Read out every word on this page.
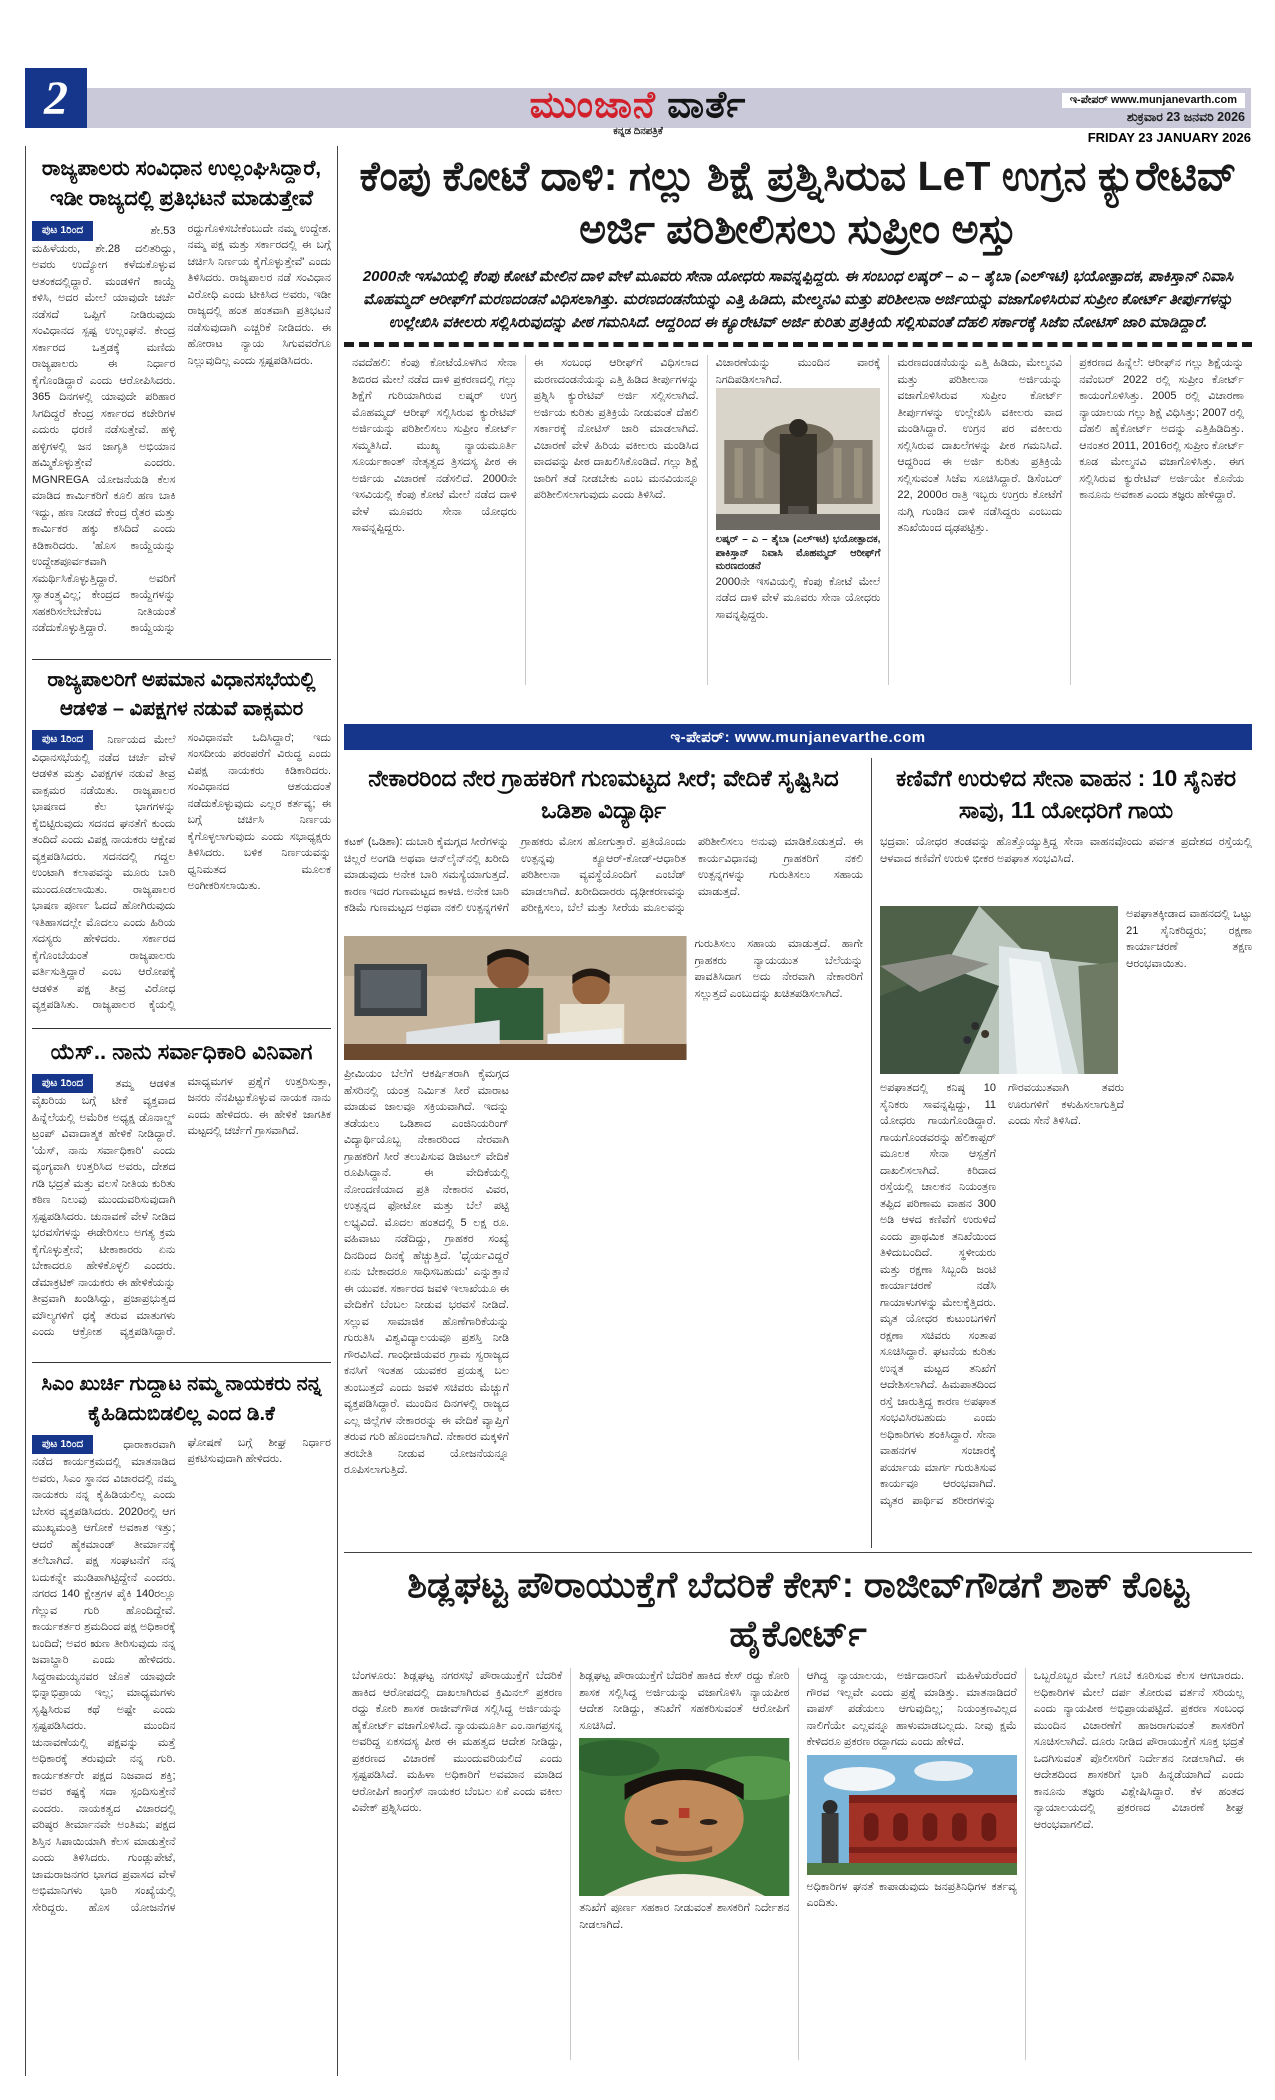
2	ಮುಂಜಾನೆ ವಾರ್ತೆ
ಕನ್ನಡ ದಿನಪತ್ರಿಕೆ
ಇ-ಪೇಪರ್ www.munjanevarth.com
ಶುಕ್ರವಾರ 23 ಜನವರಿ 2026
FRIDAY 23 JANUARY 2026
ರಾಜ್ಯಪಾಲರು ಸಂವಿಧಾನ ಉಲ್ಲಂಘಿಸಿದ್ದಾರೆ, ಇಡೀ ರಾಜ್ಯದಲ್ಲಿ ಪ್ರತಿಭಟನೆ ಮಾಡುತ್ತೇವೆ
ಪುಟ 1ರಿಂದ	ಶೇ.53 ಮಹಿಳೆಯರು, ಶೇ.28 ದಲಿತರಿದ್ದು, ಅವರು ಉದ್ಯೋಗ ಕಳೆದುಕೊಳ್ಳುವ ಆತಂಕದಲ್ಲಿದ್ದಾರೆ. ಮಂಡಳಿಗೆ ಕಾಯ್ದೆ ಕಳಿಸಿ, ಅದರ ಮೇಲೆ ಯಾವುದೇ ಚರ್ಚೆ ನಡೆಸದೆ ಒಪ್ಪಿಗೆ ನೀಡಿರುವುದು ಸಂವಿಧಾನದ ಸ್ಪಷ್ಟ ಉಲ್ಲಂಘನೆ. ಕೇಂದ್ರ ಸರ್ಕಾರದ ಒತ್ತಡಕ್ಕೆ ಮಣಿದು ರಾಜ್ಯಪಾಲರು ಈ ನಿರ್ಧಾರ ಕೈಗೊಂಡಿದ್ದಾರೆ ಎಂದು ಆರೋಪಿಸಿದರು. 365 ದಿನಗಳಲ್ಲಿ ಯಾವುದೇ ಪರಿಹಾರ ಸಿಗದಿದ್ದರೆ ಕೇಂದ್ರ ಸರ್ಕಾರದ ಕಚೇರಿಗಳ ಎದುರು ಧರಣಿ ನಡೆಸುತ್ತೇವೆ. ಹಳ್ಳಿ ಹಳ್ಳಿಗಳಲ್ಲಿ ಜನ ಜಾಗೃತಿ ಅಭಿಯಾನ ಹಮ್ಮಿಕೊಳ್ಳುತ್ತೇವೆ ಎಂದರು. MGNREGA ಯೋಜನೆಯಡಿ ಕೆಲಸ ಮಾಡಿದ ಕಾರ್ಮಿಕರಿಗೆ ಕೂಲಿ ಹಣ ಬಾಕಿ ಇದ್ದು, ಹಣ ನೀಡದೆ ಕೇಂದ್ರ ರೈತರ ಮತ್ತು ಕಾರ್ಮಿಕರ ಹಕ್ಕು ಕಸಿದಿದೆ ಎಂದು ಕಿಡಿಕಾರಿದರು. 'ಹೊಸ ಕಾಯ್ದೆಯನ್ನು ಉದ್ದೇಶಪೂರ್ವಕವಾಗಿ ಸಮರ್ಥಿಸಿಕೊಳ್ಳುತ್ತಿದ್ದಾರೆ. ಅವರಿಗೆ ಸ್ವಾತಂತ್ರ್ಯವಿಲ್ಲ; ಕೇಂದ್ರದ ಕಾಯ್ದೆಗಳನ್ನು ಸಹಕರಿಸಲೇಬೇಕೆಂಬ ನೀತಿಯಂತೆ ನಡೆದುಕೊಳ್ಳುತ್ತಿದ್ದಾರೆ. ಕಾಯ್ದೆಯನ್ನು ರದ್ದುಗೊಳಿಸಬೇಕೆಂಬುದೇ ನಮ್ಮ ಉದ್ದೇಶ. ನಮ್ಮ ಪಕ್ಷ ಮತ್ತು ಸರ್ಕಾರದಲ್ಲಿ ಈ ಬಗ್ಗೆ ಚರ್ಚಿಸಿ ನಿರ್ಣಯ ಕೈಗೊಳ್ಳುತ್ತೇವೆ' ಎಂದು ತಿಳಿಸಿದರು. ರಾಜ್ಯಪಾಲರ ನಡೆ ಸಂವಿಧಾನ ವಿರೋಧಿ ಎಂದು ಟೀಕಿಸಿದ ಅವರು, ಇಡೀ ರಾಜ್ಯದಲ್ಲಿ ಹಂತ ಹಂತವಾಗಿ ಪ್ರತಿಭಟನೆ ನಡೆಸುವುದಾಗಿ ಎಚ್ಚರಿಕೆ ನೀಡಿದರು. ಈ ಹೋರಾಟ ನ್ಯಾಯ ಸಿಗುವವರೆಗೂ ನಿಲ್ಲುವುದಿಲ್ಲ ಎಂದು ಸ್ಪಷ್ಟಪಡಿಸಿದರು.
ರಾಜ್ಯಪಾಲರಿಗೆ ಅಪಮಾನ ವಿಧಾನಸಭೆಯಲ್ಲಿ ಆಡಳಿತ – ವಿಪಕ್ಷಗಳ ನಡುವೆ ವಾಕ್ಸಮರ
ಪುಟ 1ರಿಂದ ನಿರ್ಣಯದ ಮೇಲೆ ವಿಧಾನಸಭೆಯಲ್ಲಿ ನಡೆದ ಚರ್ಚೆ ವೇಳೆ ಆಡಳಿತ ಮತ್ತು ವಿಪಕ್ಷಗಳ ನಡುವೆ ತೀವ್ರ ವಾಕ್ಸಮರ ನಡೆಯಿತು. ರಾಜ್ಯಪಾಲರ ಭಾಷಣದ ಕೆಲ ಭಾಗಗಳನ್ನು ಕೈಬಿಟ್ಟಿರುವುದು ಸದನದ ಘನತೆಗೆ ಕುಂದು ತಂದಿದೆ ಎಂದು ವಿಪಕ್ಷ ನಾಯಕರು ಆಕ್ಷೇಪ ವ್ಯಕ್ತಪಡಿಸಿದರು. ಸದನದಲ್ಲಿ ಗದ್ದಲ ಉಂಟಾಗಿ ಕಲಾಪವನ್ನು ಮೂರು ಬಾರಿ ಮುಂದೂಡಲಾಯಿತು. ರಾಜ್ಯಪಾಲರ ಭಾಷಣ ಪೂರ್ಣ ಓದದೆ ಹೋಗಿರುವುದು ಇತಿಹಾಸದಲ್ಲೇ ಮೊದಲು ಎಂದು ಹಿರಿಯ ಸದಸ್ಯರು ಹೇಳಿದರು. ಸರ್ಕಾರದ ಕೈಗೊಂಬೆಯಂತೆ ರಾಜ್ಯಪಾಲರು ವರ್ತಿಸುತ್ತಿದ್ದಾರೆ ಎಂಬ ಆರೋಪಕ್ಕೆ ಆಡಳಿತ ಪಕ್ಷ ತೀವ್ರ ವಿರೋಧ ವ್ಯಕ್ತಪಡಿಸಿತು. ರಾಜ್ಯಪಾಲರ ಕೈಯಲ್ಲಿ ಸಂವಿಧಾನವೇ ಒದಿಸಿದ್ದಾರೆ; ಇದು ಸಂಸದೀಯ ಪರಂಪರೆಗೆ ವಿರುದ್ಧ ಎಂದು ವಿಪಕ್ಷ ನಾಯಕರು ಕಿಡಿಕಾರಿದರು. ಸಂವಿಧಾನದ ಆಶಯದಂತೆ ನಡೆದುಕೊಳ್ಳುವುದು ಎಲ್ಲರ ಕರ್ತವ್ಯ; ಈ ಬಗ್ಗೆ ಚರ್ಚಿಸಿ ನಿರ್ಣಯ ಕೈಗೊಳ್ಳಲಾಗುವುದು ಎಂದು ಸಭಾಧ್ಯಕ್ಷರು ತಿಳಿಸಿದರು. ಬಳಿಕ ನಿರ್ಣಯವನ್ನು ಧ್ವನಿಮತದ ಮೂಲಕ ಅಂಗೀಕರಿಸಲಾಯಿತು.
ಯೆಸ್.. ನಾನು ಸರ್ವಾಧಿಕಾರಿ ವಿನಿವಾಗ
ಪುಟ 1ರಿಂದ	ತಮ್ಮ ಆಡಳಿತ ವೈಖರಿಯ ಬಗ್ಗೆ ಟೀಕೆ ವ್ಯಕ್ತವಾದ ಹಿನ್ನೆಲೆಯಲ್ಲಿ ಅಮೆರಿಕ ಅಧ್ಯಕ್ಷ ಡೊನಾಲ್ಡ್ ಟ್ರಂಪ್ ವಿವಾದಾತ್ಮಕ ಹೇಳಿಕೆ ನೀಡಿದ್ದಾರೆ. 'ಯೆಸ್, ನಾನು ಸರ್ವಾಧಿಕಾರಿ' ಎಂದು ವ್ಯಂಗ್ಯವಾಗಿ ಉತ್ತರಿಸಿದ ಅವರು, ದೇಶದ ಗಡಿ ಭದ್ರತೆ ಮತ್ತು ವಲಸೆ ನೀತಿಯ ಕುರಿತು ಕಠಿಣ ನಿಲುವು ಮುಂದುವರಿಸುವುದಾಗಿ ಸ್ಪಷ್ಟಪಡಿಸಿದರು. ಚುನಾವಣೆ ವೇಳೆ ನೀಡಿದ ಭರವಸೆಗಳನ್ನು ಈಡೇರಿಸಲು ಅಗತ್ಯ ಕ್ರಮ ಕೈಗೊಳ್ಳುತ್ತೇನೆ; ಟೀಕಾಕಾರರು ಏನು ಬೇಕಾದರೂ ಹೇಳಿಕೊಳ್ಳಲಿ ಎಂದರು. ಡೆಮಾಕ್ರಟಿಕ್ ನಾಯಕರು ಈ ಹೇಳಿಕೆಯನ್ನು ತೀವ್ರವಾಗಿ ಖಂಡಿಸಿದ್ದು, ಪ್ರಜಾಪ್ರಭುತ್ವದ ಮೌಲ್ಯಗಳಿಗೆ ಧಕ್ಕೆ ತರುವ ಮಾತುಗಳು ಎಂದು ಆಕ್ರೋಶ ವ್ಯಕ್ತಪಡಿಸಿದ್ದಾರೆ. ಮಾಧ್ಯಮಗಳ ಪ್ರಶ್ನೆಗೆ ಉತ್ತರಿಸುತ್ತಾ, ಜನರು ನೆನಪಿಟ್ಟುಕೊಳ್ಳುವ ನಾಯಕ ನಾನು ಎಂದು ಹೇಳಿದರು. ಈ ಹೇಳಿಕೆ ಜಾಗತಿಕ ಮಟ್ಟದಲ್ಲಿ ಚರ್ಚೆಗೆ ಗ್ರಾಸವಾಗಿದೆ.
ಸಿಎಂ ಖುರ್ಚಿ ಗುದ್ದಾಟ ನಮ್ಮ ನಾಯಕರು ನನ್ನ ಕೈಹಿಡಿದುಬಿಡಲಿಲ್ಲ ಎಂದ ಡಿ.ಕೆ
ಪುಟ 1ರಿಂದ	ಧಾರಾಕಾರವಾಗಿ ನಡೆದ ಕಾರ್ಯಕ್ರಮದಲ್ಲಿ ಮಾತನಾಡಿದ ಅವರು, ಸಿಎಂ ಸ್ಥಾನದ ವಿಚಾರದಲ್ಲಿ ನಮ್ಮ ನಾಯಕರು ನನ್ನ ಕೈಹಿಡಿಯಲಿಲ್ಲ ಎಂದು ಬೇಸರ ವ್ಯಕ್ತಪಡಿಸಿದರು. 2020ರಲ್ಲಿ ಆಗ ಮುಖ್ಯಮಂತ್ರಿ ಆಗೋಕೆ ಅವಕಾಶ ಇತ್ತು; ಆದರೆ ಹೈಕಮಾಂಡ್ ತೀರ್ಮಾನಕ್ಕೆ ತಲೆಬಾಗಿದೆ. ಪಕ್ಷ ಸಂಘಟನೆಗೆ ನನ್ನ ಬದುಕನ್ನೇ ಮುಡಿಪಾಗಿಟ್ಟಿದ್ದೇನೆ ಎಂದರು. ನಗರದ 140 ಕ್ಷೇತ್ರಗಳ ಪೈಕಿ 140ರಲ್ಲೂ ಗೆಲ್ಲುವ ಗುರಿ ಹೊಂದಿದ್ದೇವೆ. ಕಾರ್ಯಕರ್ತರ ಶ್ರಮದಿಂದ ಪಕ್ಷ ಅಧಿಕಾರಕ್ಕೆ ಬಂದಿದೆ; ಅವರ ಋಣ ತೀರಿಸುವುದು ನನ್ನ ಜವಾಬ್ದಾರಿ ಎಂದು ಹೇಳಿದರು. ಸಿದ್ದರಾಮಯ್ಯನವರ ಜೊತೆ ಯಾವುದೇ ಭಿನ್ನಾಭಿಪ್ರಾಯ ಇಲ್ಲ; ಮಾಧ್ಯಮಗಳು ಸೃಷ್ಟಿಸಿರುವ ಕಥೆ ಅಷ್ಟೇ ಎಂದು ಸ್ಪಷ್ಟಪಡಿಸಿದರು. ಮುಂದಿನ ಚುನಾವಣೆಯಲ್ಲಿ ಪಕ್ಷವನ್ನು ಮತ್ತೆ ಅಧಿಕಾರಕ್ಕೆ ತರುವುದೇ ನನ್ನ ಗುರಿ. ಕಾರ್ಯಕರ್ತರೇ ಪಕ್ಷದ ನಿಜವಾದ ಶಕ್ತಿ; ಅವರ ಕಷ್ಟಕ್ಕೆ ಸದಾ ಸ್ಪಂದಿಸುತ್ತೇನೆ ಎಂದರು. ನಾಯಕತ್ವದ ವಿಚಾರದಲ್ಲಿ ವರಿಷ್ಠರ ತೀರ್ಮಾನವೇ ಅಂತಿಮ; ಪಕ್ಷದ ಶಿಸ್ತಿನ ಸಿಪಾಯಿಯಾಗಿ ಕೆಲಸ ಮಾಡುತ್ತೇನೆ ಎಂದು ತಿಳಿಸಿದರು. ಗುಂಡ್ಲುಪೇಟೆ, ಚಾಮರಾಜನಗರ ಭಾಗದ ಪ್ರವಾಸದ ವೇಳೆ ಅಭಿಮಾನಿಗಳು ಭಾರಿ ಸಂಖ್ಯೆಯಲ್ಲಿ ಸೇರಿದ್ದರು. ಹೊಸ ಯೋಜನೆಗಳ ಘೋಷಣೆ ಬಗ್ಗೆ ಶೀಘ್ರ ನಿರ್ಧಾರ ಪ್ರಕಟಿಸುವುದಾಗಿ ಹೇಳಿದರು.
ಕೆಂಪು ಕೋಟೆ ದಾಳಿ: ಗಲ್ಲು ಶಿಕ್ಷೆ ಪ್ರಶ್ನಿಸಿರುವ LeT ಉಗ್ರನ ಕ್ಯುರೇಟಿವ್ ಅರ್ಜಿ ಪರಿಶೀಲಿಸಲು ಸುಪ್ರೀಂ ಅಸ್ತು
2000ನೇ ಇಸವಿಯಲ್ಲಿ ಕೆಂಪು ಕೋಟೆ ಮೇಲಿನ ದಾಳಿ ವೇಳೆ ಮೂವರು ಸೇನಾ ಯೋಧರು ಸಾವನ್ನಪ್ಪಿದ್ದರು. ಈ ಸಂಬಂಧ ಲಷ್ಕರ್ – ಎ – ತೈಬಾ (ಎಲ್‌ಇಟಿ) ಭಯೋತ್ಪಾದಕ, ಪಾಕಿಸ್ತಾನ್ ನಿವಾಸಿ ಮೊಹಮ್ಮದ್ ಆರೀಫ್‌ಗೆ ಮರಣದಂಡನೆ ವಿಧಿಸಲಾಗಿತ್ತು. ಮರಣದಂಡನೆಯನ್ನು ಎತ್ತಿ ಹಿಡಿದು, ಮೇಲ್ಮನವಿ ಮತ್ತು ಪರಿಶೀಲನಾ ಅರ್ಜಿಯನ್ನು ವಜಾಗೊಳಿಸಿರುವ ಸುಪ್ರೀಂ ಕೋರ್ಟ್ ತೀರ್ಪುಗಳನ್ನು ಉಲ್ಲೇಖಿಸಿ ವಕೀಲರು ಸಲ್ಲಿಸಿರುವುದನ್ನು ಪೀಠ ಗಮನಿಸಿದೆ. ಆದ್ದರಿಂದ ಈ ಕ್ಯೂರೇಟಿವ್ ಅರ್ಜಿ ಕುರಿತು ಪ್ರತಿಕ್ರಿಯೆ ಸಲ್ಲಿಸುವಂತೆ ದೆಹಲಿ ಸರ್ಕಾರಕ್ಕೆ ಸಿಜೆಐ ನೋಟಿಸ್ ಜಾರಿ ಮಾಡಿದ್ದಾರೆ.
ನವದೆಹಲಿ: ಕೆಂಪು ಕೋಟೆಯೊಳಗಿನ ಸೇನಾ ಶಿಬಿರದ ಮೇಲೆ ನಡೆದ ದಾಳಿ ಪ್ರಕರಣದಲ್ಲಿ ಗಲ್ಲು ಶಿಕ್ಷೆಗೆ ಗುರಿಯಾಗಿರುವ ಲಷ್ಕರ್ ಉಗ್ರ ಮೊಹಮ್ಮದ್ ಆರೀಫ್ ಸಲ್ಲಿಸಿರುವ ಕ್ಯುರೇಟಿವ್ ಅರ್ಜಿಯನ್ನು ಪರಿಶೀಲಿಸಲು ಸುಪ್ರೀಂ ಕೋರ್ಟ್ ಸಮ್ಮತಿಸಿದೆ. ಮುಖ್ಯ ನ್ಯಾಯಮೂರ್ತಿ ಸೂರ್ಯಕಾಂತ್ ನೇತೃತ್ವದ ತ್ರಿಸದಸ್ಯ ಪೀಠ ಈ ಅರ್ಜಿಯ ವಿಚಾರಣೆ ನಡೆಸಲಿದೆ. 2000ನೇ ಇಸವಿಯಲ್ಲಿ ಕೆಂಪು ಕೋಟೆ ಮೇಲೆ ನಡೆದ ದಾಳಿ ವೇಳೆ ಮೂವರು ಸೇನಾ ಯೋಧರು ಸಾವನ್ನಪ್ಪಿದ್ದರು.
ಈ ಸಂಬಂಧ ಆರೀಫ್‌ಗೆ ವಿಧಿಸಲಾದ ಮರಣದಂಡನೆಯನ್ನು ಎತ್ತಿ ಹಿಡಿದ ತೀರ್ಪುಗಳನ್ನು ಪ್ರಶ್ನಿಸಿ ಕ್ಯುರೇಟಿವ್ ಅರ್ಜಿ ಸಲ್ಲಿಸಲಾಗಿದೆ. ಅರ್ಜಿಯ ಕುರಿತು ಪ್ರತಿಕ್ರಿಯೆ ನೀಡುವಂತೆ ದೆಹಲಿ ಸರ್ಕಾರಕ್ಕೆ ನೋಟಿಸ್ ಜಾರಿ ಮಾಡಲಾಗಿದೆ. ವಿಚಾರಣೆ ವೇಳೆ ಹಿರಿಯ ವಕೀಲರು ಮಂಡಿಸಿದ ವಾದವನ್ನು ಪೀಠ ದಾಖಲಿಸಿಕೊಂಡಿದೆ. ಗಲ್ಲು ಶಿಕ್ಷೆ ಜಾರಿಗೆ ತಡೆ ನೀಡಬೇಕು ಎಂಬ ಮನವಿಯನ್ನೂ ಪರಿಶೀಲಿಸಲಾಗುವುದು ಎಂದು ತಿಳಿಸಿದೆ.
ವಿಚಾರಣೆಯನ್ನು ಮುಂದಿನ ವಾರಕ್ಕೆ ನಿಗದಿಪಡಿಸಲಾಗಿದೆ.
ಲಷ್ಕರ್ – ಎ – ತೈಬಾ (ಎಲ್‌ಇಟಿ) ಭಯೋತ್ಪಾದಕ, ಪಾಕಿಸ್ತಾನ್ ನಿವಾಸಿ ಮೊಹಮ್ಮದ್ ಆರೀಫ್‌ಗೆ ಮರಣದಂಡನೆ
2000ನೇ ಇಸವಿಯಲ್ಲಿ ಕೆಂಪು ಕೋಟೆ ಮೇಲೆ ನಡೆದ ದಾಳಿ ವೇಳೆ ಮೂವರು ಸೇನಾ ಯೋಧರು ಸಾವನ್ನಪ್ಪಿದ್ದರು.
ಮರಣದಂಡನೆಯನ್ನು ಎತ್ತಿ ಹಿಡಿದು, ಮೇಲ್ಮನವಿ ಮತ್ತು ಪರಿಶೀಲನಾ ಅರ್ಜಿಯನ್ನು ವಜಾಗೊಳಿಸಿರುವ ಸುಪ್ರೀಂ ಕೋರ್ಟ್ ತೀರ್ಪುಗಳನ್ನು ಉಲ್ಲೇಖಿಸಿ ವಕೀಲರು ವಾದ ಮಂಡಿಸಿದ್ದಾರೆ. ಉಗ್ರನ ಪರ ವಕೀಲರು ಸಲ್ಲಿಸಿರುವ ದಾಖಲೆಗಳನ್ನು ಪೀಠ ಗಮನಿಸಿದೆ. ಆದ್ದರಿಂದ ಈ ಅರ್ಜಿ ಕುರಿತು ಪ್ರತಿಕ್ರಿಯೆ ಸಲ್ಲಿಸುವಂತೆ ಸಿಜೆಐ ಸೂಚಿಸಿದ್ದಾರೆ. ಡಿಸೆಂಬರ್ 22, 2000ರ ರಾತ್ರಿ ಇಬ್ಬರು ಉಗ್ರರು ಕೋಟೆಗೆ ನುಗ್ಗಿ ಗುಂಡಿನ ದಾಳಿ ನಡೆಸಿದ್ದರು ಎಂಬುದು ತನಿಖೆಯಿಂದ ದೃಢಪಟ್ಟಿತ್ತು.
ಪ್ರಕರಣದ ಹಿನ್ನೆಲೆ: ಆರೀಫ್‌ನ ಗಲ್ಲು ಶಿಕ್ಷೆಯನ್ನು ನವೆಂಬರ್ 2022 ರಲ್ಲಿ ಸುಪ್ರೀಂ ಕೋರ್ಟ್ ಕಾಯಂಗೊಳಿಸಿತ್ತು. 2005 ರಲ್ಲಿ ವಿಚಾರಣಾ ನ್ಯಾಯಾಲಯ ಗಲ್ಲು ಶಿಕ್ಷೆ ವಿಧಿಸಿತ್ತು; 2007 ರಲ್ಲಿ ದೆಹಲಿ ಹೈಕೋರ್ಟ್ ಅದನ್ನು ಎತ್ತಿಹಿಡಿದಿತ್ತು. ಆನಂತರ 2011, 2016ರಲ್ಲಿ ಸುಪ್ರೀಂ ಕೋರ್ಟ್ ಕೂಡ ಮೇಲ್ಮನವಿ ವಜಾಗೊಳಿಸಿತ್ತು. ಈಗ ಸಲ್ಲಿಸಿರುವ ಕ್ಯುರೇಟಿವ್ ಅರ್ಜಿಯೇ ಕೊನೆಯ ಕಾನೂನು ಅವಕಾಶ ಎಂದು ತಜ್ಞರು ಹೇಳಿದ್ದಾರೆ.
ಇ-ಪೇಪರ್: www.munjanevarthe.com
ನೇಕಾರರಿಂದ ನೇರ ಗ್ರಾಹಕರಿಗೆ ಗುಣಮಟ್ಟದ ಸೀರೆ; ವೇದಿಕೆ ಸೃಷ್ಟಿಸಿದ ಒಡಿಶಾ ವಿದ್ಯಾರ್ಥಿ
ಕಟಕ್ (ಒಡಿಶಾ): ದುಬಾರಿ ಕೈಮಗ್ಗದ ಸೀರೆಗಳನ್ನು ಚಿಲ್ಲರೆ ಅಂಗಡಿ ಅಥವಾ ಆನ್‌ಲೈನ್‌ನಲ್ಲಿ ಖರೀದಿ ಮಾಡುವುದು ಅನೇಕ ಬಾರಿ ಸಮಸ್ಯೆಯಾಗುತ್ತದೆ. ಕಾರಣ ಇದರ ಗುಣಮಟ್ಟದ ಕಾಳಜಿ. ಅನೇಕ ಬಾರಿ ಕಡಿಮೆ ಗುಣಮಟ್ಟದ ಅಥವಾ ನಕಲಿ ಉತ್ಪನ್ನಗಳಿಗೆ ಗ್ರಾಹಕರು ಮೋಸ ಹೋಗುತ್ತಾರೆ. ಪ್ರತಿಯೊಂದು ಉತ್ಪನ್ನವು ಕ್ಯೂಆರ್-ಕೋಡ್-ಆಧಾರಿತ ಪರಿಶೀಲನಾ ವ್ಯವಸ್ಥೆಯೊಂದಿಗೆ ಎಂಬೆಡ್ ಮಾಡಲಾಗಿದೆ. ಖರೀದಿದಾರರು ದೃಢೀಕರಣವನ್ನು ಪರೀಕ್ಷಿಸಲು, ಬೆಲೆ ಮತ್ತು ಸೀರೆಯ ಮೂಲವನ್ನು ಪರಿಶೀಲಿಸಲು ಅನುವು ಮಾಡಿಕೊಡುತ್ತದೆ. ಈ ಕಾರ್ಯವಿಧಾನವು ಗ್ರಾಹಕರಿಗೆ ನಕಲಿ ಉತ್ಪನ್ನಗಳನ್ನು ಗುರುತಿಸಲು ಸಹಾಯ ಮಾಡುತ್ತದೆ.
ಗುರುತಿಸಲು ಸಹಾಯ ಮಾಡುತ್ತದೆ. ಹಾಗೇ ಗ್ರಾಹಕರು ನ್ಯಾಯಯುತ ಬೆಲೆಯನ್ನು ಪಾವತಿಸಿದಾಗ ಅದು ನೇರವಾಗಿ ನೇಕಾರರಿಗೆ ಸಲ್ಲುತ್ತದೆ ಎಂಬುದನ್ನು ಖಚಿತಪಡಿಸಲಾಗಿದೆ.
ಪ್ರೀಮಿಯಂ ಬೆಲೆಗೆ ಆಕರ್ಷಿತರಾಗಿ ಕೈಮಗ್ಗದ ಹೆಸರಿನಲ್ಲಿ ಯಂತ್ರ ನಿರ್ಮಿತ ಸೀರೆ ಮಾರಾಟ ಮಾಡುವ ಜಾಲವೂ ಸಕ್ರಿಯವಾಗಿದೆ. ಇದನ್ನು ತಡೆಯಲು ಒಡಿಶಾದ ಎಂಜಿನಿಯರಿಂಗ್ ವಿದ್ಯಾರ್ಥಿಯೊಬ್ಬ ನೇಕಾರರಿಂದ ನೇರವಾಗಿ ಗ್ರಾಹಕರಿಗೆ ಸೀರೆ ತಲುಪಿಸುವ ಡಿಜಿಟಲ್ ವೇದಿಕೆ ರೂಪಿಸಿದ್ದಾನೆ. ಈ ವೇದಿಕೆಯಲ್ಲಿ ನೋಂದಣಿಯಾದ ಪ್ರತಿ ನೇಕಾರನ ವಿವರ, ಉತ್ಪನ್ನದ ಫೋಟೋ ಮತ್ತು ಬೆಲೆ ಪಟ್ಟಿ ಲಭ್ಯವಿದೆ. ಮೊದಲ ಹಂತದಲ್ಲಿ 5 ಲಕ್ಷ ರೂ. ವಹಿವಾಟು ನಡೆದಿದ್ದು, ಗ್ರಾಹಕರ ಸಂಖ್ಯೆ ದಿನದಿಂದ ದಿನಕ್ಕೆ ಹೆಚ್ಚುತ್ತಿದೆ. 'ಧೈರ್ಯವಿದ್ದರೆ ಏನು ಬೇಕಾದರೂ ಸಾಧಿಸಬಹುದು' ಎನ್ನುತ್ತಾನೆ ಈ ಯುವಕ. ಸರ್ಕಾರದ ಜವಳಿ ಇಲಾಖೆಯೂ ಈ ವೇದಿಕೆಗೆ ಬೆಂಬಲ ನೀಡುವ ಭರವಸೆ ನೀಡಿದೆ. ಸಲ್ಲುವ ಸಾಮಾಜಿಕ ಹೊಣೆಗಾರಿಕೆಯನ್ನು ಗುರುತಿಸಿ ವಿಶ್ವವಿದ್ಯಾಲಯವೂ ಪ್ರಶಸ್ತಿ ನೀಡಿ ಗೌರವಿಸಿದೆ. ಗಾಂಧೀಜಿಯವರ ಗ್ರಾಮ ಸ್ವರಾಜ್ಯದ ಕನಸಿಗೆ ಇಂತಹ ಯುವಕರ ಪ್ರಯತ್ನ ಬಲ ತುಂಬುತ್ತದೆ ಎಂದು ಜವಳಿ ಸಚಿವರು ಮೆಚ್ಚುಗೆ ವ್ಯಕ್ತಪಡಿಸಿದ್ದಾರೆ. ಮುಂದಿನ ದಿನಗಳಲ್ಲಿ ರಾಜ್ಯದ ಎಲ್ಲ ಜಿಲ್ಲೆಗಳ ನೇಕಾರರನ್ನು ಈ ವೇದಿಕೆ ವ್ಯಾಪ್ತಿಗೆ ತರುವ ಗುರಿ ಹೊಂದಲಾಗಿದೆ. ನೇಕಾರರ ಮಕ್ಕಳಿಗೆ ತರಬೇತಿ ನೀಡುವ ಯೋಜನೆಯನ್ನೂ ರೂಪಿಸಲಾಗುತ್ತಿದೆ.
ಕಣಿವೆಗೆ ಉರುಳಿದ ಸೇನಾ ವಾಹನ : 10 ಸೈನಿಕರ ಸಾವು, 11 ಯೋಧರಿಗೆ ಗಾಯ
ಭದ್ರವಾ: ಯೋಧರ ತಂಡವನ್ನು ಹೊತ್ತೊಯ್ಯುತ್ತಿದ್ದ ಸೇನಾ ವಾಹನವೊಂದು ಪರ್ವತ ಪ್ರದೇಶದ ರಸ್ತೆಯಲ್ಲಿ ಆಳವಾದ ಕಣಿವೆಗೆ ಉರುಳಿ ಭೀಕರ ಅಪಘಾತ ಸಂಭವಿಸಿದೆ.
ಅಪಘಾತಕ್ಕೀಡಾದ ವಾಹನದಲ್ಲಿ ಒಟ್ಟು 21 ಸೈನಿಕರಿದ್ದರು; ರಕ್ಷಣಾ ಕಾರ್ಯಾಚರಣೆ ತಕ್ಷಣ ಆರಂಭವಾಯಿತು.
ಅಪಘಾತದಲ್ಲಿ ಕನಿಷ್ಠ 10 ಸೈನಿಕರು ಸಾವನ್ನಪ್ಪಿದ್ದು, 11 ಯೋಧರು ಗಾಯಗೊಂಡಿದ್ದಾರೆ. ಗಾಯಗೊಂಡವರನ್ನು ಹೆಲಿಕಾಪ್ಟರ್ ಮೂಲಕ ಸೇನಾ ಆಸ್ಪತ್ರೆಗೆ ದಾಖಲಿಸಲಾಗಿದೆ. ಕಿರಿದಾದ ರಸ್ತೆಯಲ್ಲಿ ಚಾಲಕನ ನಿಯಂತ್ರಣ ತಪ್ಪಿದ ಪರಿಣಾಮ ವಾಹನ 300 ಅಡಿ ಆಳದ ಕಣಿವೆಗೆ ಉರುಳಿದೆ ಎಂದು ಪ್ರಾಥಮಿಕ ತನಿಖೆಯಿಂದ ತಿಳಿದುಬಂದಿದೆ. ಸ್ಥಳೀಯರು ಮತ್ತು ರಕ್ಷಣಾ ಸಿಬ್ಬಂದಿ ಜಂಟಿ ಕಾರ್ಯಾಚರಣೆ ನಡೆಸಿ ಗಾಯಾಳುಗಳನ್ನು ಮೇಲಕ್ಕೆತ್ತಿದರು. ಮೃತ ಯೋಧರ ಕುಟುಂಬಗಳಿಗೆ ರಕ್ಷಣಾ ಸಚಿವರು ಸಂತಾಪ ಸೂಚಿಸಿದ್ದಾರೆ. ಘಟನೆಯ ಕುರಿತು ಉನ್ನತ ಮಟ್ಟದ ತನಿಖೆಗೆ ಆದೇಶಿಸಲಾಗಿದೆ. ಹಿಮಪಾತದಿಂದ ರಸ್ತೆ ಜಾರುತ್ತಿದ್ದ ಕಾರಣ ಅಪಘಾತ ಸಂಭವಿಸಿರಬಹುದು ಎಂದು ಅಧಿಕಾರಿಗಳು ಶಂಕಿಸಿದ್ದಾರೆ. ಸೇನಾ ವಾಹನಗಳ ಸಂಚಾರಕ್ಕೆ ಪರ್ಯಾಯ ಮಾರ್ಗ ಗುರುತಿಸುವ ಕಾರ್ಯವೂ ಆರಂಭವಾಗಿದೆ. ಮೃತರ ಪಾರ್ಥಿವ ಶರೀರಗಳನ್ನು ಗೌರವಯುತವಾಗಿ ತವರು ಊರುಗಳಿಗೆ ಕಳುಹಿಸಲಾಗುತ್ತಿದೆ ಎಂದು ಸೇನೆ ತಿಳಿಸಿದೆ.
ಶಿಡ್ಲಘಟ್ಟ ಪೌರಾಯುಕ್ತೆಗೆ ಬೆದರಿಕೆ ಕೇಸ್: ರಾಜೀವ್‌ಗೌಡಗೆ ಶಾಕ್ ಕೊಟ್ಟ ಹೈಕೋರ್ಟ್
ಬೆಂಗಳೂರು: ಶಿಡ್ಲಘಟ್ಟ ನಗರಸಭೆ ಪೌರಾಯುಕ್ತೆಗೆ ಬೆದರಿಕೆ ಹಾಕಿದ ಆರೋಪದಲ್ಲಿ ದಾಖಲಾಗಿರುವ ಕ್ರಿಮಿನಲ್ ಪ್ರಕರಣ ರದ್ದು ಕೋರಿ ಶಾಸಕ ರಾಜೀವ್‌ಗೌಡ ಸಲ್ಲಿಸಿದ್ದ ಅರ್ಜಿಯನ್ನು ಹೈಕೋರ್ಟ್ ವಜಾಗೊಳಿಸಿದೆ. ನ್ಯಾಯಮೂರ್ತಿ ಎಂ.ನಾಗಪ್ರಸನ್ನ ಅವರಿದ್ದ ಏಕಸದಸ್ಯ ಪೀಠ ಈ ಮಹತ್ವದ ಆದೇಶ ನೀಡಿದ್ದು, ಪ್ರಕರಣದ ವಿಚಾರಣೆ ಮುಂದುವರಿಯಲಿದೆ ಎಂದು ಸ್ಪಷ್ಟಪಡಿಸಿದೆ. ಮಹಿಳಾ ಅಧಿಕಾರಿಗೆ ಅವಮಾನ ಮಾಡಿದ ಆರೋಪಿಗೆ ಕಾಂಗ್ರೆಸ್ ನಾಯಕರ ಬೆಂಬಲ ಏಕೆ ಎಂದು ವಕೀಲ ವಿವೇಕ್ ಪ್ರಶ್ನಿಸಿದರು.
ಶಿಡ್ಲಘಟ್ಟ ಪೌರಾಯುಕ್ತೆಗೆ ಬೆದರಿಕೆ ಹಾಕಿದ ಕೇಸ್ ರದ್ದು ಕೋರಿ ಶಾಸಕ ಸಲ್ಲಿಸಿದ್ದ ಅರ್ಜಿಯನ್ನು ವಜಾಗೊಳಿಸಿ ನ್ಯಾಯಪೀಠ ಆದೇಶ ನೀಡಿದ್ದು, ತನಿಖೆಗೆ ಸಹಕರಿಸುವಂತೆ ಆರೋಪಿಗೆ ಸೂಚಿಸಿದೆ.
ತನಿಖೆಗೆ ಪೂರ್ಣ ಸಹಕಾರ ನೀಡುವಂತೆ ಶಾಸಕರಿಗೆ ನಿರ್ದೇಶನ ನೀಡಲಾಗಿದೆ.
ಆಗಿದ್ದ ನ್ಯಾಯಾಲಯ, ಅರ್ಜಿದಾರನಿಗೆ ಮಹಿಳೆಯರೆಂದರೆ ಗೌರವ ಇಲ್ಲವೇ ಎಂದು ಪ್ರಶ್ನೆ ಮಾಡಿತ್ತು. ಮಾತನಾಡಿದರೆ ವಾಪಸ್ ಪಡೆಯಲು ಆಗುವುದಿಲ್ಲ; ನಿಯಂತ್ರಣವಿಲ್ಲದ ನಾಲಿಗೆಯೇ ಎಲ್ಲವನ್ನೂ ಹಾಳುಮಾಡಬಲ್ಲದು. ನೀವು ಕ್ಷಮೆ ಕೇಳಿದರೂ ಪ್ರಕರಣ ರದ್ದಾಗದು ಎಂದು ಹೇಳಿದೆ.
ಅಧಿಕಾರಿಗಳ ಘನತೆ ಕಾಪಾಡುವುದು ಜನಪ್ರತಿನಿಧಿಗಳ ಕರ್ತವ್ಯ ಎಂದಿತು.
ಒಬ್ಬರೊಬ್ಬರ ಮೇಲೆ ಗೂಬೆ ಕೂರಿಸುವ ಕೆಲಸ ಆಗಬಾರದು. ಅಧಿಕಾರಿಗಳ ಮೇಲೆ ದರ್ಪ ತೋರುವ ವರ್ತನೆ ಸರಿಯಲ್ಲ ಎಂದು ನ್ಯಾಯಪೀಠ ಅಭಿಪ್ರಾಯಪಟ್ಟಿದೆ. ಪ್ರಕರಣ ಸಂಬಂಧ ಮುಂದಿನ ವಿಚಾರಣೆಗೆ ಹಾಜರಾಗುವಂತೆ ಶಾಸಕರಿಗೆ ಸೂಚಿಸಲಾಗಿದೆ. ದೂರು ನೀಡಿದ ಪೌರಾಯುಕ್ತೆಗೆ ಸೂಕ್ತ ಭದ್ರತೆ ಒದಗಿಸುವಂತೆ ಪೊಲೀಸರಿಗೆ ನಿರ್ದೇಶನ ನೀಡಲಾಗಿದೆ. ಈ ಆದೇಶದಿಂದ ಶಾಸಕರಿಗೆ ಭಾರಿ ಹಿನ್ನಡೆಯಾಗಿದೆ ಎಂದು ಕಾನೂನು ತಜ್ಞರು ವಿಶ್ಲೇಷಿಸಿದ್ದಾರೆ. ಕೆಳ ಹಂತದ ನ್ಯಾಯಾಲಯದಲ್ಲಿ ಪ್ರಕರಣದ ವಿಚಾರಣೆ ಶೀಘ್ರ ಆರಂಭವಾಗಲಿದೆ.
